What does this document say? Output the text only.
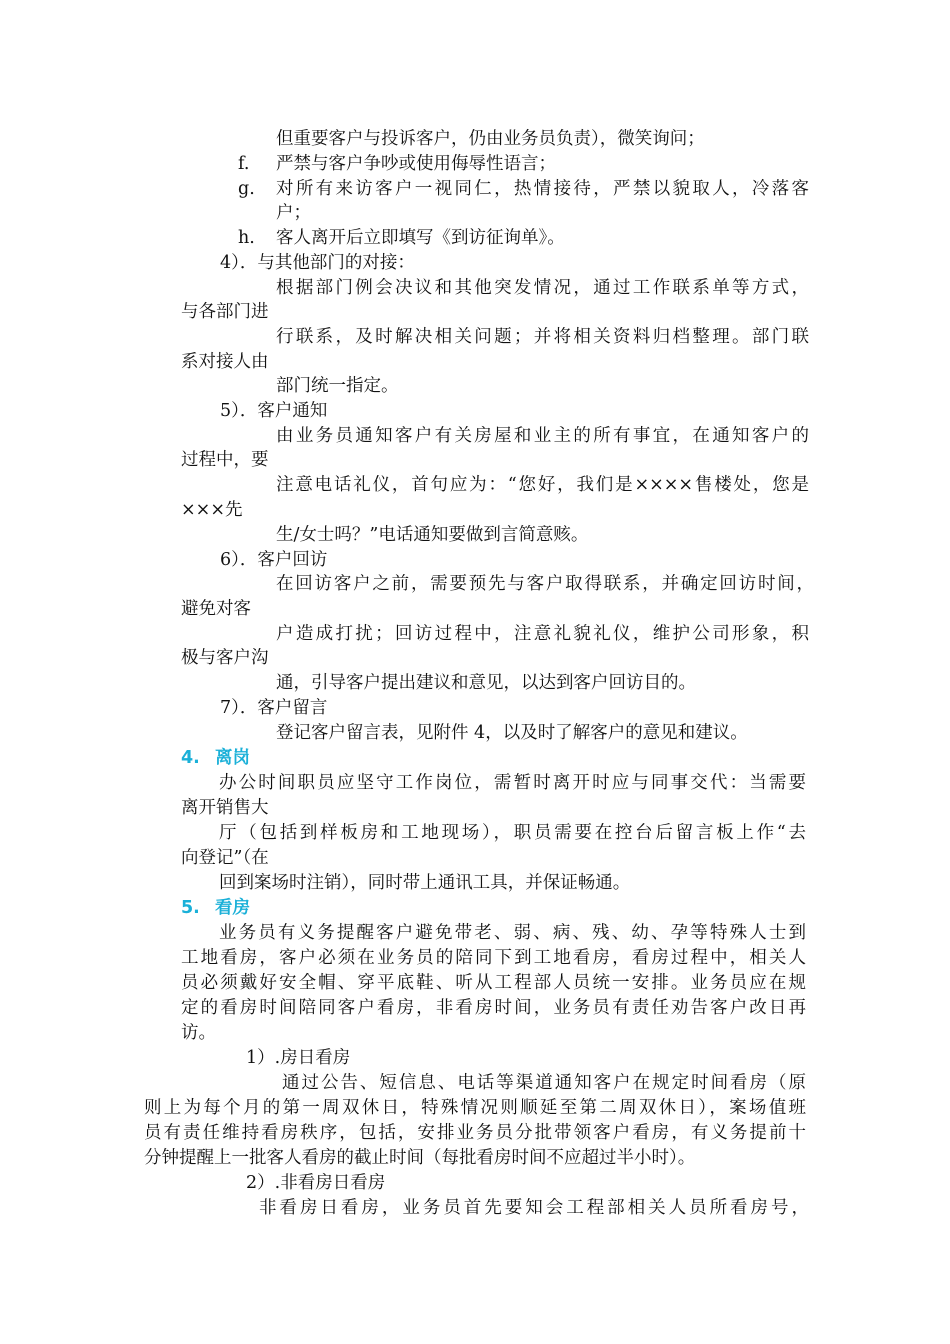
但重要客户与投诉客户，仍由业务员负责），微笑询问；
f. 严禁与客户争吵或使用侮辱性语言；
g. 对所有来访客户一视同仁，热情接待，严禁以貌取人，冷落客
户；
h. 客人离开后立即填写《到访征询单》。
4）．与其他部门的对接：
根据部门例会决议和其他突发情况，通过工作联系单等方式，
与各部门进
行联系，及时解决相关问题；并将相关资料归档整理。部门联
系对接人由
部门统一指定。
5）．客户通知
由业务员通知客户有关房屋和业主的所有事宜，在通知客户的
过程中，要
注意电话礼仪，首句应为：“您好，我们是××××售楼处，您是
×××先
生/女士吗？”电话通知要做到言简意赅。
6）．客户回访
在回访客户之前，需要预先与客户取得联系，并确定回访时间，
避免对客
户造成打扰；回访过程中，注意礼貌礼仪，维护公司形象，积
极与客户沟
通，引导客户提出建议和意见，以达到客户回访目的。
7）．客户留言
登记客户留言表，见附件 4，以及时了解客户的意见和建议。
4. 离岗
办公时间职员应坚守工作岗位，需暂时离开时应与同事交代：当需要
离开销售大
厅（包括到样板房和工地现场），职员需要在控台后留言板上作“去
向登记”（在
回到案场时注销），同时带上通讯工具，并保证畅通。
5. 看房
业务员有义务提醒客户避免带老、弱、病、残、幼、孕等特殊人士到
工地看房，客户必须在业务员的陪同下到工地看房，看房过程中，相关人
员必须戴好安全帽、穿平底鞋、听从工程部人员统一安排。业务员应在规
定的看房时间陪同客户看房，非看房时间，业务员有责任劝告客户改日再
访。
1）.房日看房
通过公告、短信息、电话等渠道通知客户在规定时间看房（原
则上为每个月的第一周双休日，特殊情况则顺延至第二周双休日），案场值班
员有责任维持看房秩序，包括，安排业务员分批带领客户看房，有义务提前十
分钟提醒上一批客人看房的截止时间（每批看房时间不应超过半小时）。
2）.非看房日看房
非看房日看房，业务员首先要知会工程部相关人员所看房号，
